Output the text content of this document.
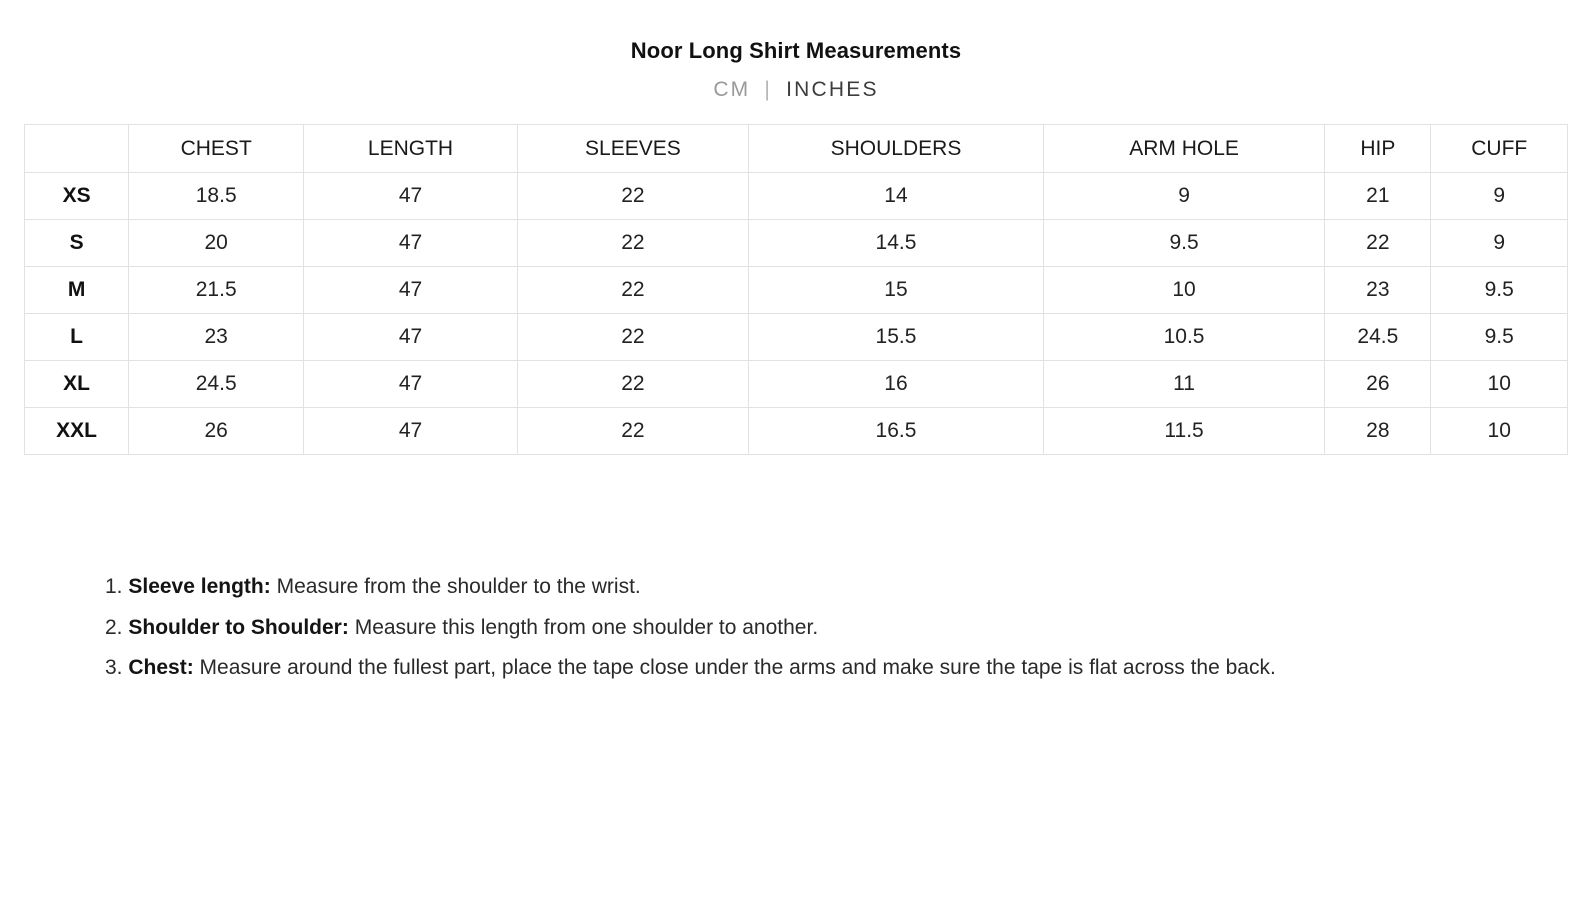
Noor Long Shirt Measurements
CM | INCHES
	CHEST	LENGTH	SLEEVES	SHOULDERS	ARM HOLE	HIP	CUFF
XS	18.5	47	22	14	9	21	9
S	20	47	22	14.5	9.5	22	9
M	21.5	47	22	15	10	23	9.5
L	23	47	22	15.5	10.5	24.5	9.5
XL	24.5	47	22	16	11	26	10
XXL	26	47	22	16.5	11.5	28	10
1. Sleeve length: Measure from the shoulder to the wrist.
2. Shoulder to Shoulder: Measure this length from one shoulder to another.
3. Chest: Measure around the fullest part, place the tape close under the arms and make sure the tape is flat across the back.
